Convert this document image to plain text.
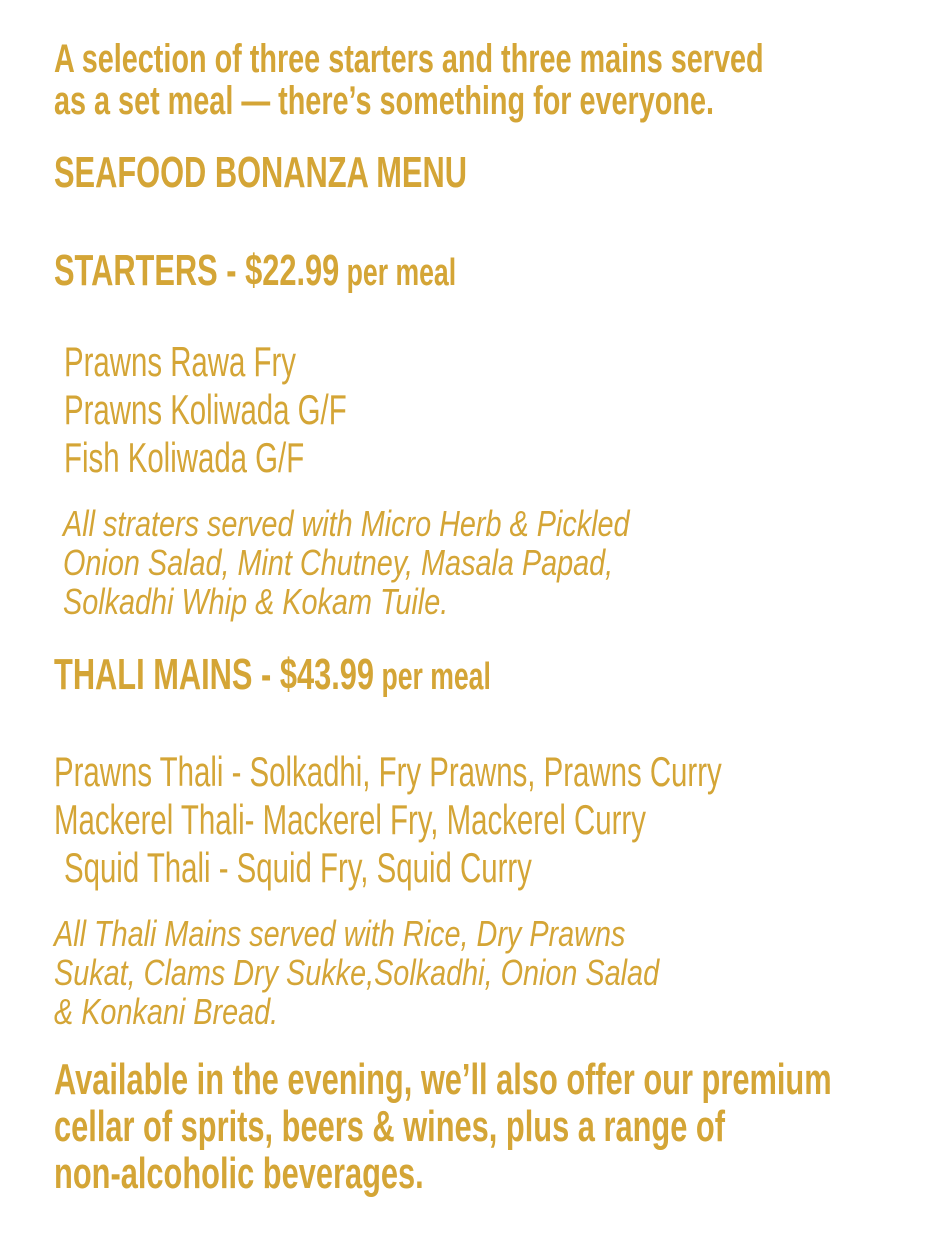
A selection of three starters and three mains served
as a set meal — there’s something for everyone.
SEAFOOD BONANZA MENU
STARTERS - $22.99 per meal
Prawns Rawa Fry
Prawns Koliwada G/F
Fish Koliwada G/F
All straters served with Micro Herb & Pickled
Onion Salad, Mint Chutney, Masala Papad,
Solkadhi Whip & Kokam Tuile.
THALI MAINS - $43.99 per meal
Prawns Thali - Solkadhi, Fry Prawns, Prawns Curry
Mackerel Thali- Mackerel Fry, Mackerel Curry
Squid Thali - Squid Fry, Squid Curry
All Thali Mains served with Rice, Dry Prawns
Sukat, Clams Dry Sukke,Solkadhi, Onion Salad
& Konkani Bread.
Available in the evening, we’ll also offer our premium
cellar of sprits, beers & wines, plus a range of
non-alcoholic beverages.
